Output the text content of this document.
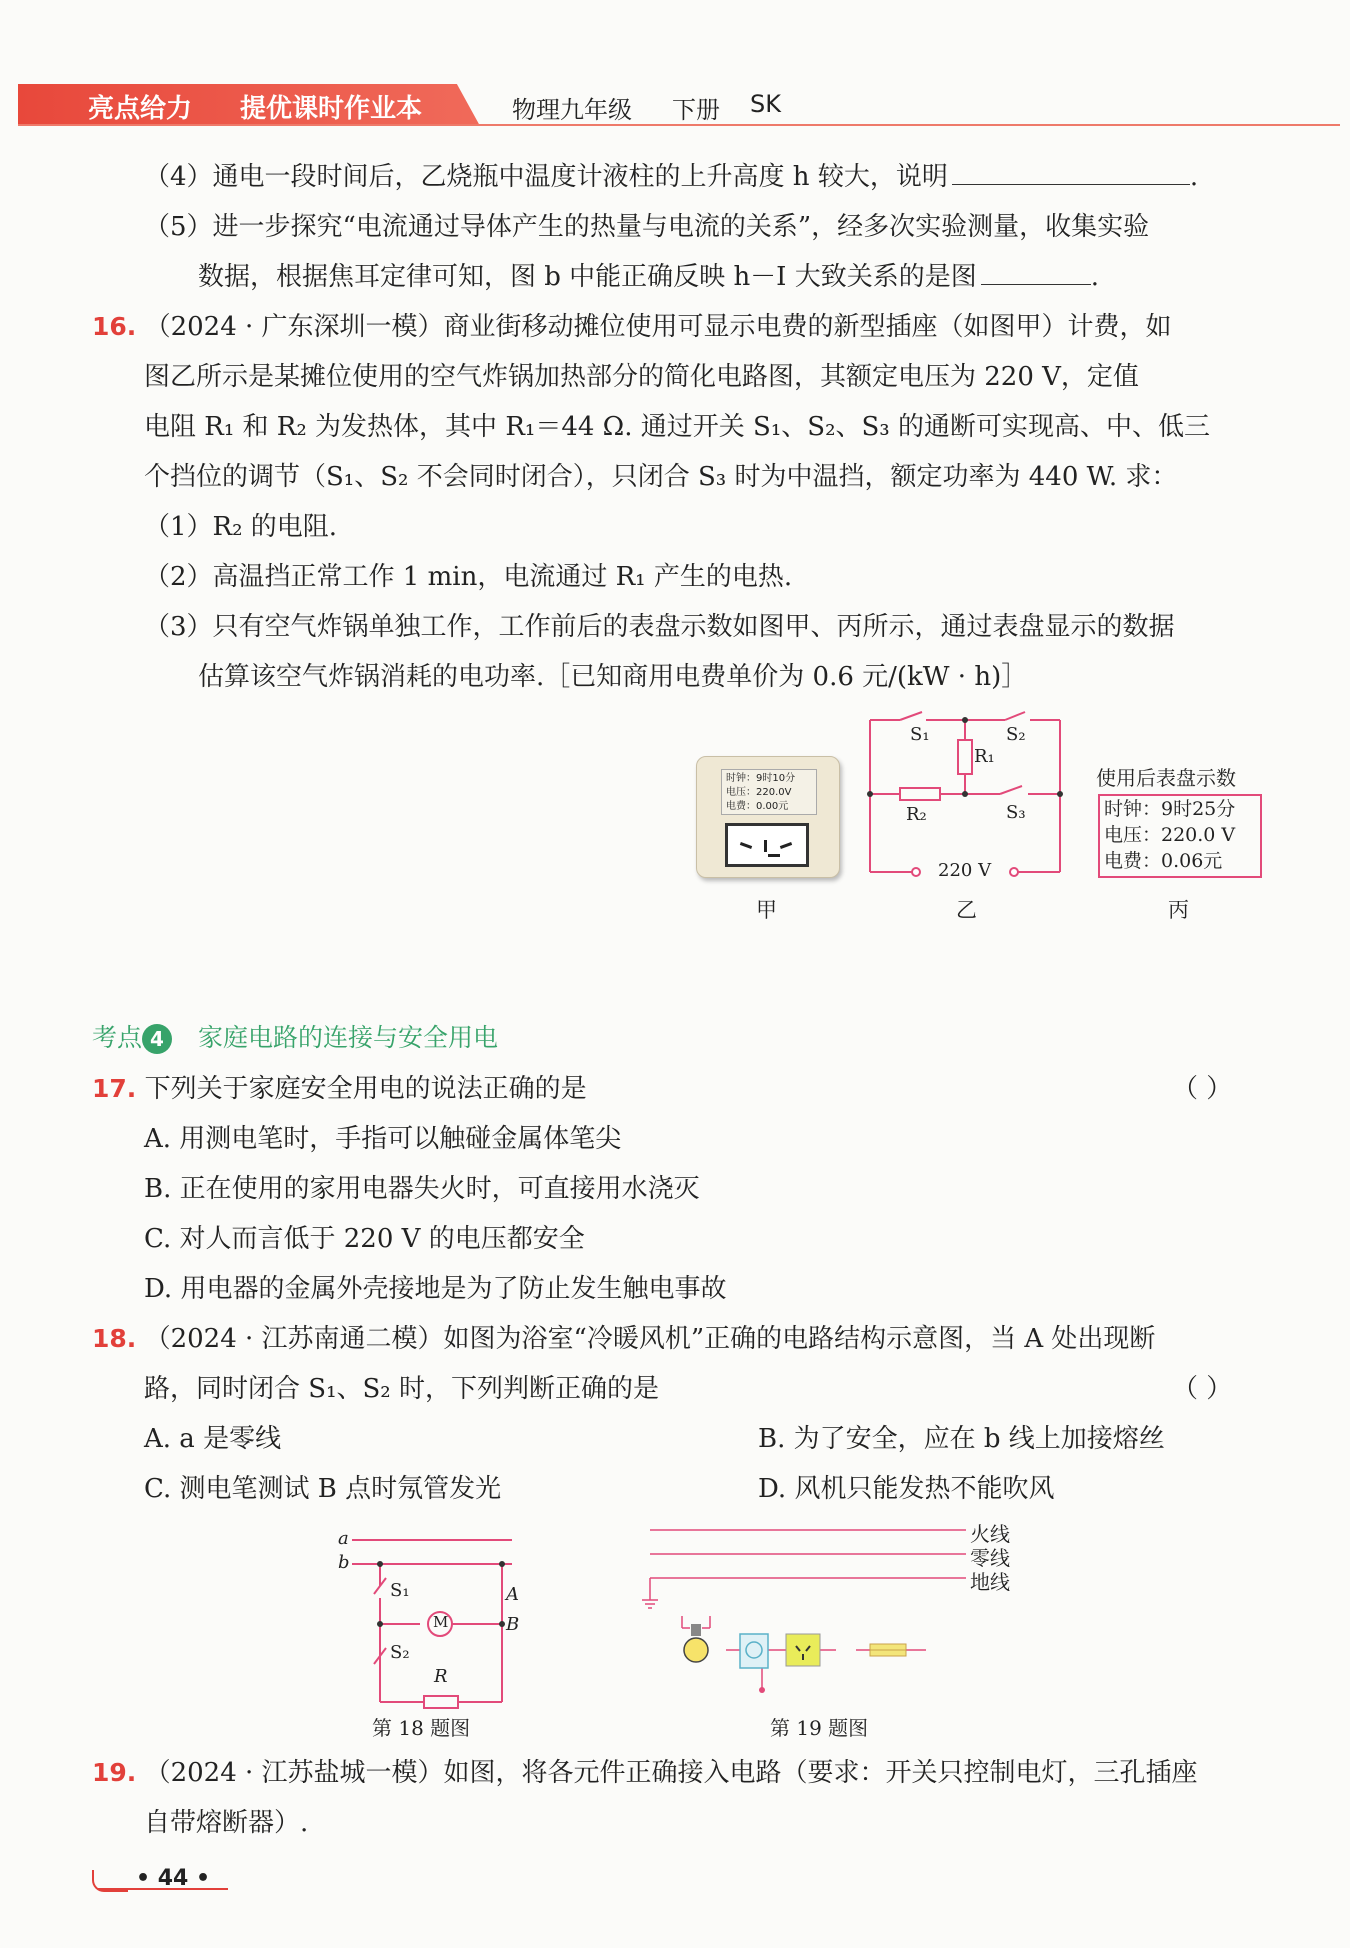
亮点给力 提优课时作业本	物理九年级 下册 SK
（4）通电一段时间后，乙烧瓶中温度计液柱的上升高度 h 较大，说明	.
（5）进一步探究“电流通过导体产生的热量与电流的关系”，经多次实验测量，收集实验
数据，根据焦耳定律可知，图 b 中能正确反映 h－I 大致关系的是图	.
16. （2024 · 广东深圳一模）商业街移动摊位使用可显示电费的新型插座（如图甲）计费，如
图乙所示是某摊位使用的空气炸锅加热部分的简化电路图，其额定电压为 220 V，定值
电阻 R₁ 和 R₂ 为发热体，其中 R₁＝44 Ω. 通过开关 S₁、S₂、S₃ 的通断可实现高、中、低三
个挡位的调节（S₁、S₂ 不会同时闭合），只闭合 S₃ 时为中温挡，额定功率为 440 W. 求：
（1）R₂ 的电阻.
（2）高温挡正常工作 1 min，电流通过 R₁ 产生的电热.
（3）只有空气炸锅单独工作，工作前后的表盘示数如图甲、丙所示，通过表盘显示的数据
估算该空气炸锅消耗的电功率.［已知商用电费单价为 0.6 元/(kW · h)］
时钟：9时10分
电压：220.0V
电费：0.00元
甲
S₁	S₂
R₁
R₂	S₃
220 V
乙
使用后表盘示数
时钟：9时25分
电压：220.0 V
电费：0.06元
丙
考点 4 家庭电路的连接与安全用电
17. 下列关于家庭安全用电的说法正确的是	（ ）
A. 用测电笔时，手指可以触碰金属体笔尖
B. 正在使用的家用电器失火时，可直接用水浇灭
C. 对人而言低于 220 V 的电压都安全
D. 用电器的金属外壳接地是为了防止发生触电事故
18. （2024 · 江苏南通二模）如图为浴室“冷暖风机”正确的电路结构示意图，当 A 处出现断
路，同时闭合 S₁、S₂ 时，下列判断正确的是	（ ）
A. a 是零线	B. 为了安全，应在 b 线上加接熔丝
C. 测电笔测试 B 点时氖管发光	D. 风机只能发热不能吹风
a
b
S₁
S₂
A
B
M
R
第 18 题图
火线
零线
地线
第 19 题图
19. （2024 · 江苏盐城一模）如图，将各元件正确接入电路（要求：开关只控制电灯，三孔插座
自带熔断器）.
• 44 •
